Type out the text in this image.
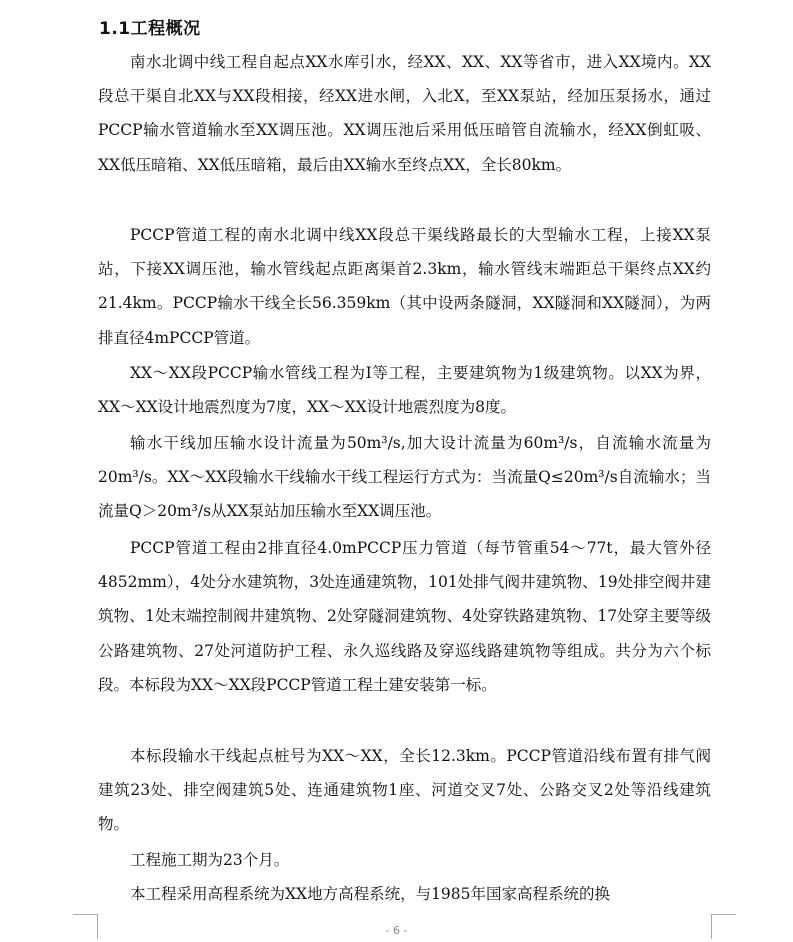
1.1工程概况

南水北调中线工程自起点XX水库引水，经XX、XX、XX等省市，进入XX境内。XX段总干渠自北XX与XX段相接，经XX进水闸，入北X，至XX泵站，经加压泵扬水，通过PCCP输水管道输水至XX调压池。XX调压池后采用低压暗管自流输水，经XX倒虹吸、XX低压暗箱、XX低压暗箱，最后由XX输水至终点XX，全长80km。

PCCP管道工程的南水北调中线XX段总干渠线路最长的大型输水工程，上接XX泵站，下接XX调压池，输水管线起点距离渠首2.3km，输水管线末端距总干渠终点XX约21.4km。PCCP输水干线全长56.359km（其中设两条隧洞，XX隧洞和XX隧洞），为两排直径4mPCCP管道。

XX～XX段PCCP输水管线工程为Ⅰ等工程，主要建筑物为1级建筑物。以XX为界，XX～XX设计地震烈度为7度，XX～XX设计地震烈度为8度。

输水干线加压输水设计流量为50m³/s,加大设计流量为60m³/s，自流输水流量为20m³/s。XX～XX段输水干线输水干线工程运行方式为：当流量Q≤20m³/s自流输水；当流量Q＞20m³/s从XX泵站加压输水至XX调压池。

PCCP管道工程由2排直径4.0mPCCP压力管道（每节管重54～77t，最大管外径4852mm），4处分水建筑物，3处连通建筑物，101处排气阀井建筑物、19处排空阀井建筑物、1处末端控制阀井建筑物、2处穿隧洞建筑物、4处穿铁路建筑物、17处穿主要等级公路建筑物、27处河道防护工程、永久巡线路及穿巡线路建筑物等组成。共分为六个标段。本标段为XX～XX段PCCP管道工程土建安装第一标。

本标段输水干线起点桩号为XX～XX，全长12.3km。PCCP管道沿线布置有排气阀建筑23处、排空阀建筑5处、连通建筑物1座、河道交叉7处、公路交叉2处等沿线建筑物。

工程施工期为23个月。

本工程采用高程系统为XX地方高程系统，与1985年国家高程系统的换

- 6 -
